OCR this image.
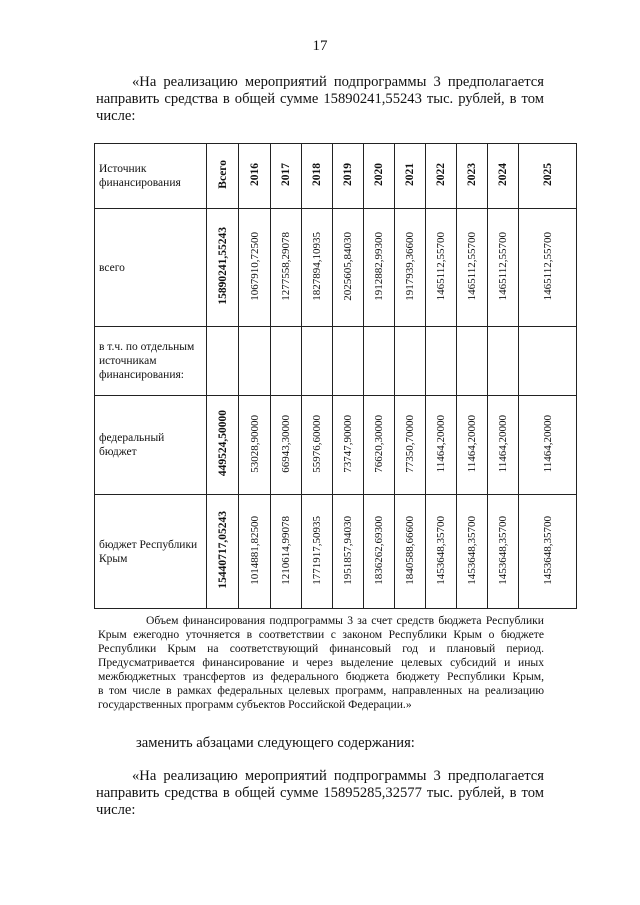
17

«На реализацию мероприятий подпрограммы 3 предполагается
направить средства в общей сумме 15890241,55243 тыс. рублей, в том
числе:

Источник финансирования	Всего	2016	2017	2018	2019	2020	2021	2022	2023	2024	2025
всего	15890241,55243	1067910,72500	1277558,29078	1827894,10935	2025605,84030	1912882,99300	1917939,36600	1465112,55700	1465112,55700	1465112,55700	1465112,55700
в т.ч. по отдельным источникам финансирования:											
федеральный бюджет	449524,50000	53028,90000	66943,30000	55976,60000	73747,90000	76620,30000	77350,70000	11464,20000	11464,20000	11464,20000	11464,20000
бюджет Республики Крым	15440717,05243	1014881,82500	1210614,99078	1771917,50935	1951857,94030	1836262,69300	1840588,66600	1453648,35700	1453648,35700	1453648,35700	1453648,35700

Объем финансирования подпрограммы 3 за счет средств бюджета Республики
Крым ежегодно уточняется в соответствии с законом Республики Крым о бюджете
Республики Крым на соответствующий финансовый год и плановый период.
Предусматривается финансирование и через выделение целевых субсидий и иных
межбюджетных трансфертов из федерального бюджета бюджету Республики Крым,
в том числе в рамках федеральных целевых программ, направленных на реализацию
государственных программ субъектов Российской Федерации.»

заменить абзацами следующего содержания:

«На реализацию мероприятий подпрограммы 3 предполагается
направить средства в общей сумме 15895285,32577 тыс. рублей, в том
числе:
